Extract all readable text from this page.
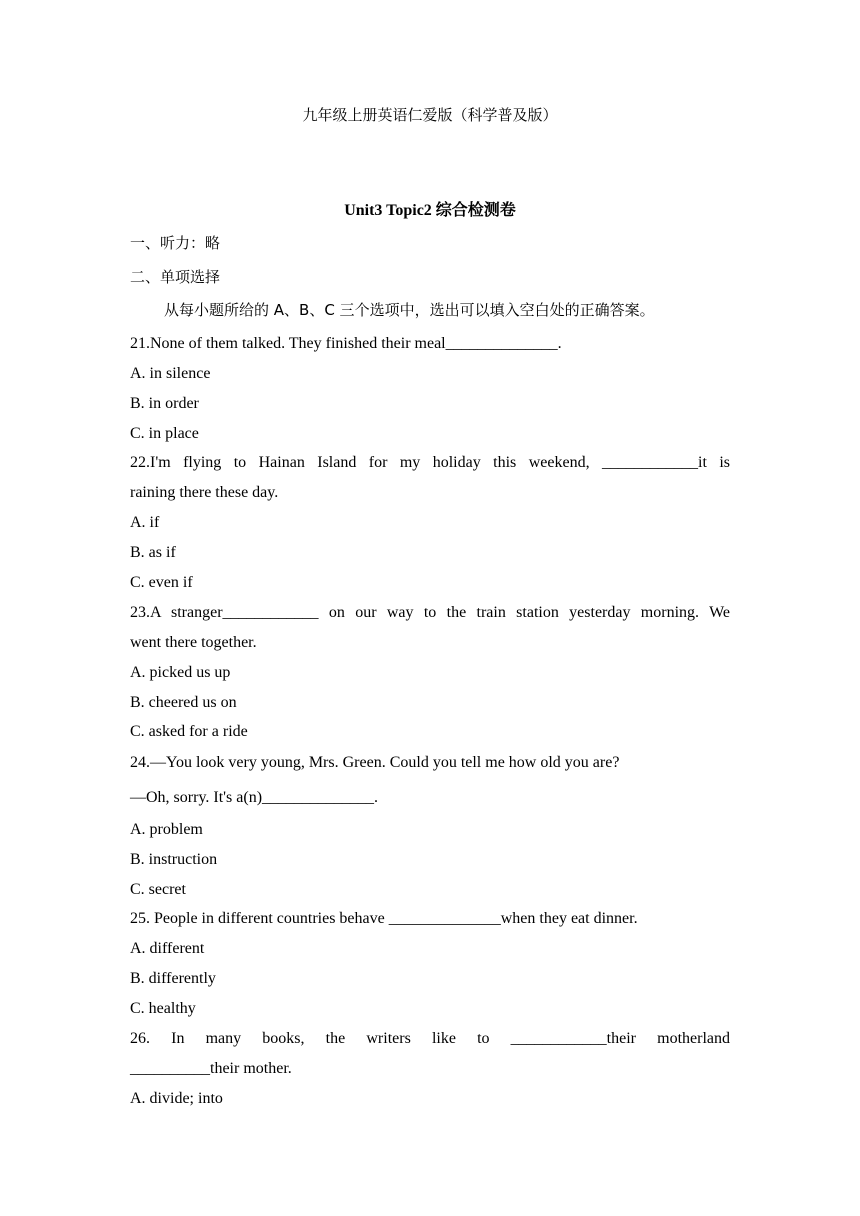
九年级上册英语仁爱版（科学普及版）
Unit3 Topic2 综合检测卷
一、听力：略
二、单项选择
从每小题所给的 A、B、C 三个选项中，选出可以填入空白处的正确答案。
21.None of them talked. They finished their meal______________.
A. in silence
B. in order
C. in place
22.I'm flying to Hainan Island for my holiday this weekend, ____________it is
raining there these day.
A. if
B. as if
C. even if
23.A stranger____________ on our way to the train station yesterday morning. We
went there together.
A. picked us up
B. cheered us on
C. asked for a ride
24.—You look very young, Mrs. Green. Could you tell me how old you are?
—Oh, sorry. It's a(n)______________.
A. problem
B. instruction
C. secret
25. People in different countries behave ______________when they eat dinner.
A. different
B. differently
C. healthy
26. In many books, the writers like to ____________their motherland
__________their mother.
A. divide; into
